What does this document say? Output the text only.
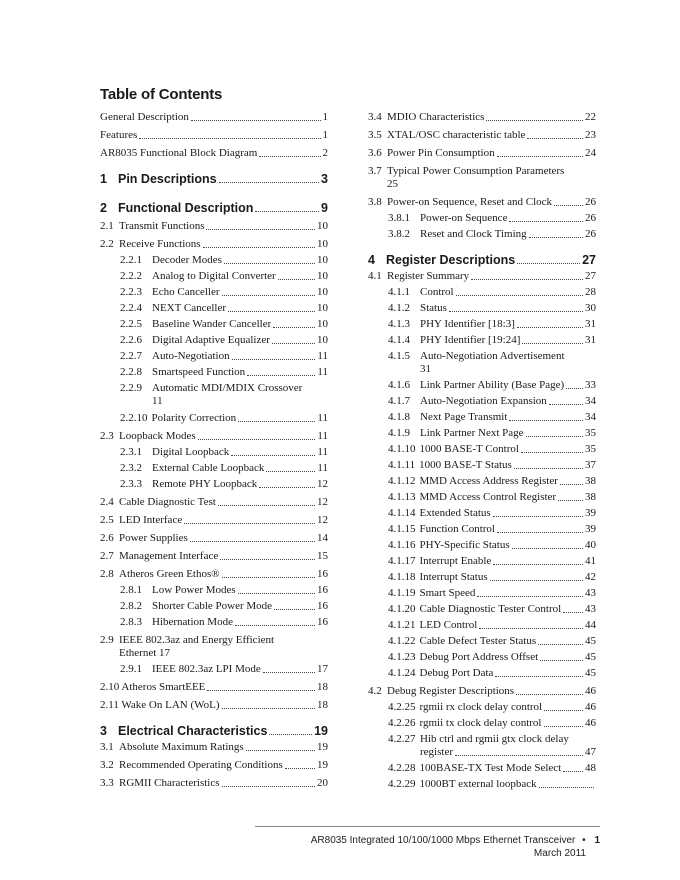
Table of Contents
General Description	1
Features	1
AR8035 Functional Block Diagram	2
1 Pin Descriptions	3
2 Functional Description	9
2.1 Transmit Functions	10
2.2 Receive Functions	10
2.2.1 Decoder Modes	10
2.2.2 Analog to Digital Converter	10
2.2.3 Echo Canceller	10
2.2.4 NEXT Canceller	10
2.2.5 Baseline Wander Canceller	10
2.2.6 Digital Adaptive Equalizer	10
2.2.7 Auto-Negotiation	11
2.2.8 Smartspeed Function	11
2.2.9 Automatic MDI/MDIX Crossover
11
2.2.10 Polarity Correction	11
2.3 Loopback Modes	11
2.3.1 Digital Loopback	11
2.3.2 External Cable Loopback	11
2.3.3 Remote PHY Loopback	12
2.4 Cable Diagnostic Test	12
2.5 LED Interface	12
2.6 Power Supplies	14
2.7 Management Interface	15
2.8 Atheros Green Ethos®	16
2.8.1 Low Power Modes	16
2.8.2 Shorter Cable Power Mode	16
2.8.3 Hibernation Mode	16
2.9 IEEE 802.3az and Energy Efficient
Ethernet 17
2.9.1 IEEE 802.3az LPI Mode	17
2.10 Atheros SmartEEE	18
2.11 Wake On LAN (WoL)	18
3 Electrical Characteristics	19
3.1 Absolute Maximum Ratings	19
3.2 Recommended Operating Conditions	19
3.3 RGMII Characteristics	20
3.4 MDIO Characteristics	22
3.5 XTAL/OSC characteristic table	23
3.6 Power Pin Consumption	24
3.7 Typical Power Consumption Parameters
25
3.8 Power-on Sequence, Reset and Clock	26
3.8.1 Power-on Sequence	26
3.8.2 Reset and Clock Timing	26
4 Register Descriptions	27
4.1 Register Summary	27
4.1.1 Control	28
4.1.2 Status	30
4.1.3 PHY Identifier [18:3]	31
4.1.4 PHY Identifier [19:24]	31
4.1.5 Auto-Negotiation Advertisement
31
4.1.6 Link Partner Ability (Base Page) 33
4.1.7 Auto-Negotiation Expansion	34
4.1.8 Next Page Transmit	34
4.1.9 Link Partner Next Page	35
4.1.10 1000 BASE-T Control	35
4.1.11 1000 BASE-T Status	37
4.1.12 MMD Access Address Register 38
4.1.13 MMD Access Control Register	38
4.1.14 Extended Status	39
4.1.15 Function Control	39
4.1.16 PHY-Specific Status	40
4.1.17 Interrupt Enable	41
4.1.18 Interrupt Status	42
4.1.19 Smart Speed	43
4.1.20 Cable Diagnostic Tester Control 43
4.1.21 LED Control	44
4.1.22 Cable Defect Tester Status	45
4.1.23 Debug Port Address Offset	45
4.1.24 Debug Port Data	45
4.2 Debug Register Descriptions	46
4.2.25 rgmii rx clock delay control	46
4.2.26 rgmii tx clock delay control	46
4.2.27 Hib ctrl and rgmii gtx clock delay
register	47
4.2.28 100BASE-TX Test Mode Select 48
4.2.29 1000BT external loopback
AR8035 Integrated 10/100/1000 Mbps Ethernet Transceiver • 1
March 2011
